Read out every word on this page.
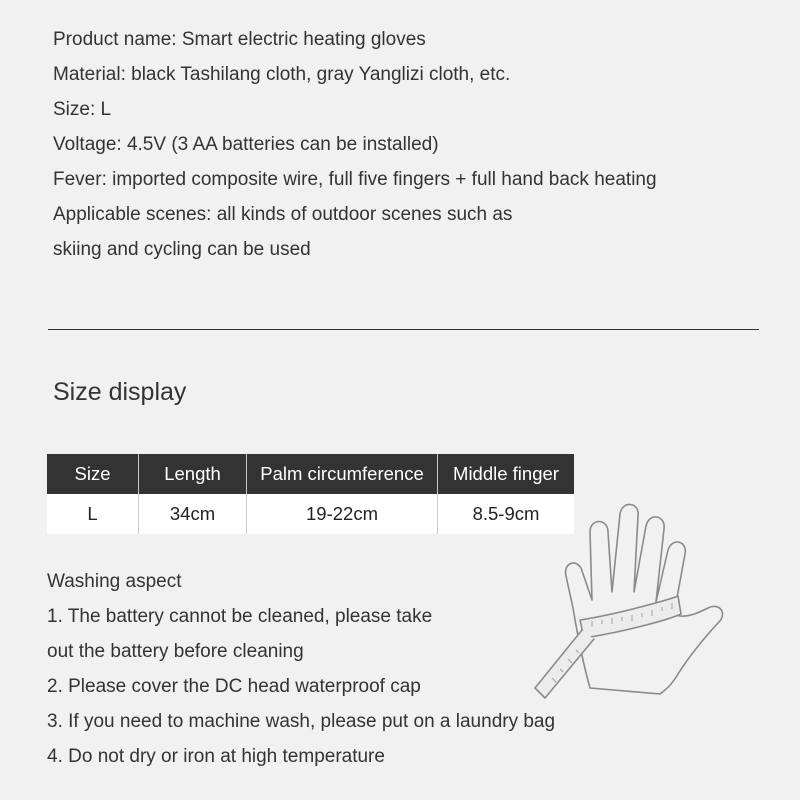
Product name: Smart electric heating gloves
Material: black Tashilang cloth, gray Yanglizi cloth, etc.
Size: L
Voltage: 4.5V (3 AA batteries can be installed)
Fever: imported composite wire, full five fingers + full hand back heating
Applicable scenes: all kinds of outdoor scenes such as
skiing and cycling can be used
Size display
Size	Length	Palm circumference	Middle finger
L	34cm	19-22cm	8.5-9cm
Washing aspect
1. The battery cannot be cleaned, please take
out the battery before cleaning
2. Please cover the DC head waterproof cap
3. If you need to machine wash, please put on a laundry bag
4. Do not dry or iron at high temperature
